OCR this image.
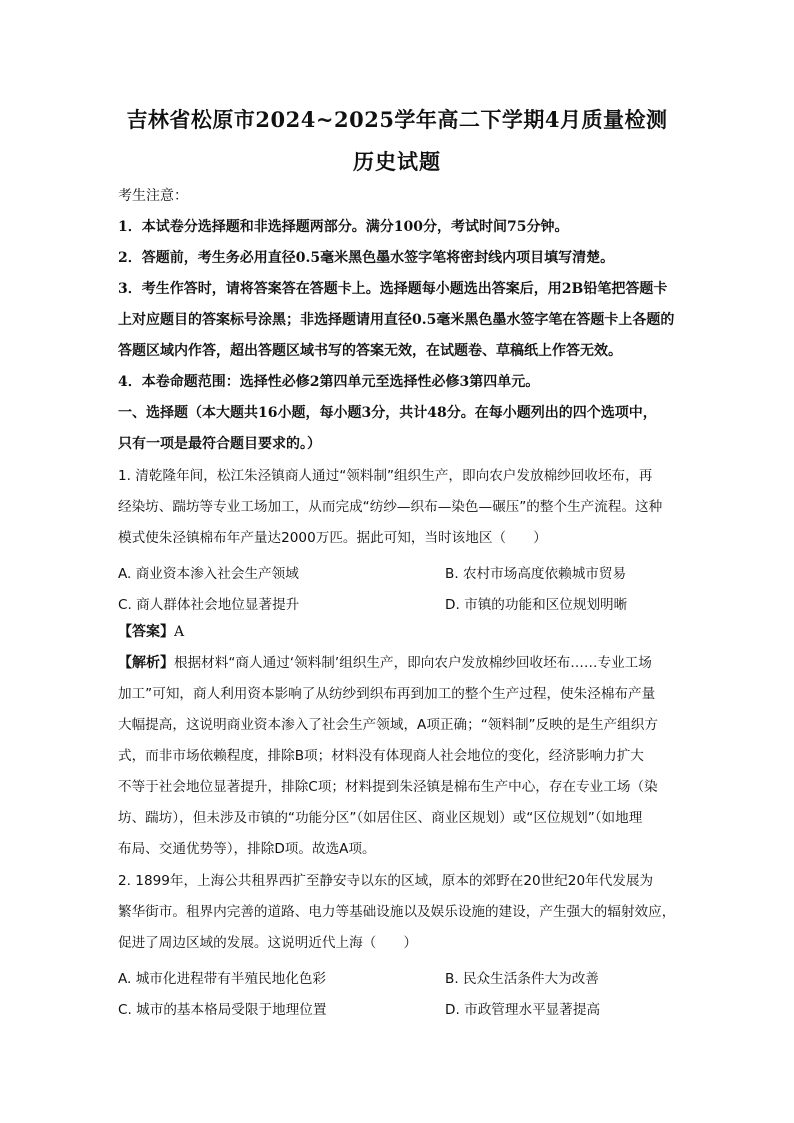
吉林省松原市2024~2025学年高二下学期4月质量检测
历史试题
考生注意：
1．本试卷分选择题和非选择题两部分。满分100分，考试时间75分钟。
2．答题前，考生务必用直径0.5毫米黑色墨水签字笔将密封线内项目填写清楚。
3．考生作答时，请将答案答在答题卡上。选择题每小题选出答案后，用2B铅笔把答题卡
上对应题目的答案标号涂黑；非选择题请用直径0.5毫米黑色墨水签字笔在答题卡上各题的
答题区域内作答，超出答题区域书写的答案无效，在试题卷、草稿纸上作答无效。
4．本卷命题范围：选择性必修2第四单元至选择性必修3第四单元。
一、选择题（本大题共16小题，每小题3分，共计48分。在每小题列出的四个选项中，
只有一项是最符合题目要求的。）
1. 清乾隆年间，松江朱泾镇商人通过“领料制”组织生产，即向农户发放棉纱回收坯布，再
经染坊、踹坊等专业工场加工，从而完成“纺纱—织布—染色—碾压”的整个生产流程。这种
模式使朱泾镇棉布年产量达2000万匹。据此可知，当时该地区（　　）
A. 商业资本渗入社会生产领域	B. 农村市场高度依赖城市贸易
C. 商人群体社会地位显著提升	D. 市镇的功能和区位规划明晰
【答案】A
【解析】根据材料“商人通过‘领料制’组织生产，即向农户发放棉纱回收坯布……专业工场
加工”可知，商人利用资本影响了从纺纱到织布再到加工的整个生产过程，使朱泾棉布产量
大幅提高，这说明商业资本渗入了社会生产领域，A项正确；“领料制”反映的是生产组织方
式，而非市场依赖程度，排除B项；材料没有体现商人社会地位的变化，经济影响力扩大
不等于社会地位显著提升，排除C项；材料提到朱泾镇是棉布生产中心，存在专业工场（染
坊、踹坊），但未涉及市镇的“功能分区”（如居住区、商业区规划）或“区位规划”（如地理
布局、交通优势等），排除D项。故选A项。
2. 1899年，上海公共租界西扩至静安寺以东的区域，原本的郊野在20世纪20年代发展为
繁华街市。租界内完善的道路、电力等基础设施以及娱乐设施的建设，产生强大的辐射效应，
促进了周边区域的发展。这说明近代上海（　　）
A. 城市化进程带有半殖民地化色彩	B. 民众生活条件大为改善
C. 城市的基本格局受限于地理位置	D. 市政管理水平显著提高
